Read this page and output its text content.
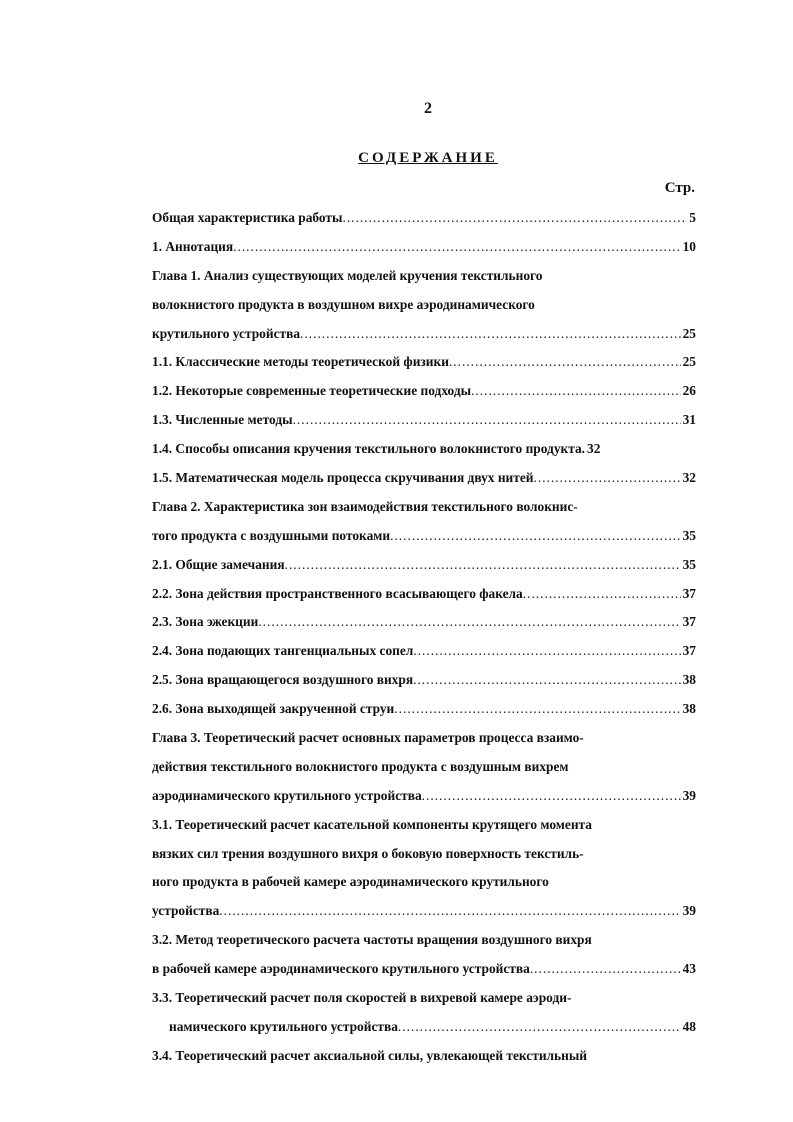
2
СОДЕРЖАНИЕ
Стр.
Общая характеристика работы .....	5
1. Аннотация .....	10
Глава 1. Анализ существующих моделей кручения текстильного
волокнистого продукта в воздушном вихре аэродинамического
крутильного устройства .....	25
1.1. Классические методы теоретической физики .....	25
1.2. Некоторые современные теоретические подходы .....	26
1.3. Численные методы .....	31
1.4. Способы описания кручения текстильного волокнистого продукта. 32
1.5. Математическая модель процесса скручивания двух нитей .....	32
Глава 2. Характеристика зон взаимодействия текстильного волокнис-
того продукта с воздушными потоками .....	35
2.1. Общие замечания .....	35
2.2. Зона действия пространственного всасывающего факела .....	37
2.3. Зона эжекции .....	37
2.4. Зона подающих тангенциальных сопел .....	37
2.5. Зона вращающегося воздушного вихря .....	38
2.6. Зона выходящей закрученной струи .....	38
Глава 3. Теоретический расчет основных параметров процесса взаимо-
действия текстильного волокнистого продукта с воздушным вихрем
аэродинамического крутильного устройства .....	39
3.1. Теоретический расчет касательной компоненты крутящего момента
вязких сил трения воздушного вихря о боковую поверхность текстиль-
ного продукта в рабочей камере аэродинамического крутильного
устройства .....	39
3.2. Метод теоретического расчета частоты вращения воздушного вихря
в рабочей камере аэродинамического крутильного устройства .....	43
3.3. Теоретический расчет поля скоростей в вихревой камере аэроди-
намического крутильного устройства .....	48
3.4. Теоретический расчет аксиальной силы, увлекающей текстильный
